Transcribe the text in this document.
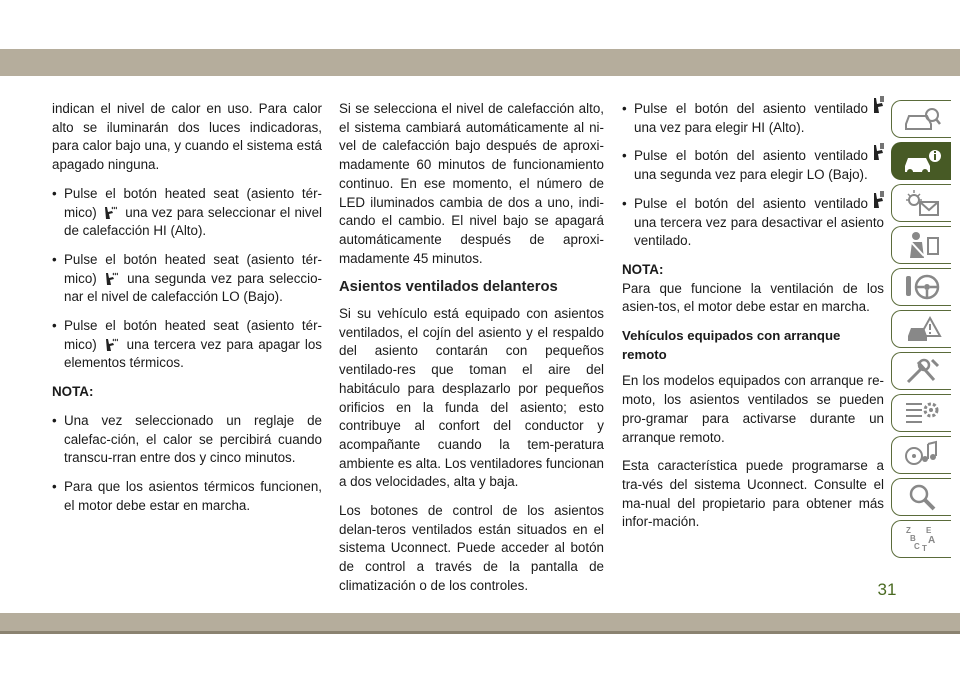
indican el nivel de calor en uso. Para calor alto se iluminarán dos luces indicadoras, para calor bajo una, y cuando el sistema está apagado ninguna.

• Pulse el botón heated seat (asiento tér-mico) una vez para seleccionar el nivel de calefacción HI (Alto).
• Pulse el botón heated seat (asiento tér-mico) una segunda vez para seleccio-nar el nivel de calefacción LO (Bajo).
• Pulse el botón heated seat (asiento tér-mico) una tercera vez para apagar los elementos térmicos.

NOTA:

• Una vez seleccionado un reglaje de calefac-ción, el calor se percibirá cuando transcu-rran entre dos y cinco minutos.
• Para que los asientos térmicos funcionen, el motor debe estar en marcha.

Si se selecciona el nivel de calefacción alto, el sistema cambiará automáticamente al ni-vel de calefacción bajo después de aproxi-madamente 60 minutos de funcionamiento continuo. En ese momento, el número de LED iluminados cambia de dos a uno, indi-cando el cambio. El nivel bajo se apagará automáticamente después de aproxi-madamente 45 minutos.

Asientos ventilados delanteros

Si su vehículo está equipado con asientos ventilados, el cojín del asiento y el respaldo del asiento contarán con pequeños ventilado-res que toman el aire del habitáculo para desplazarlo por pequeños orificios en la funda del asiento; esto contribuye al confort del conductor y acompañante cuando la tem-peratura ambiente es alta. Los ventiladores funcionan a dos velocidades, alta y baja.

Los botones de control de los asientos delan-teros ventilados están situados en el sistema Uconnect. Puede acceder al botón de control a través de la pantalla de climatización o de los controles.

• Pulse el botón del asiento ventilado una vez para elegir HI (Alto).
• Pulse el botón del asiento ventilado una segunda vez para elegir LO (Bajo).
• Pulse el botón del asiento ventilado una tercera vez para desactivar el asiento ventilado.

NOTA:

Para que funcione la ventilación de los asien-tos, el motor debe estar en marcha.

Vehículos equipados con arranque remoto

En los modelos equipados con arranque re-moto, los asientos ventilados se pueden pro-gramar para activarse durante un arranque remoto.

Esta característica puede programarse a tra-vés del sistema Uconnect. Consulte el ma-nual del propietario para obtener más infor-mación.

Z E
B A
C T
31
